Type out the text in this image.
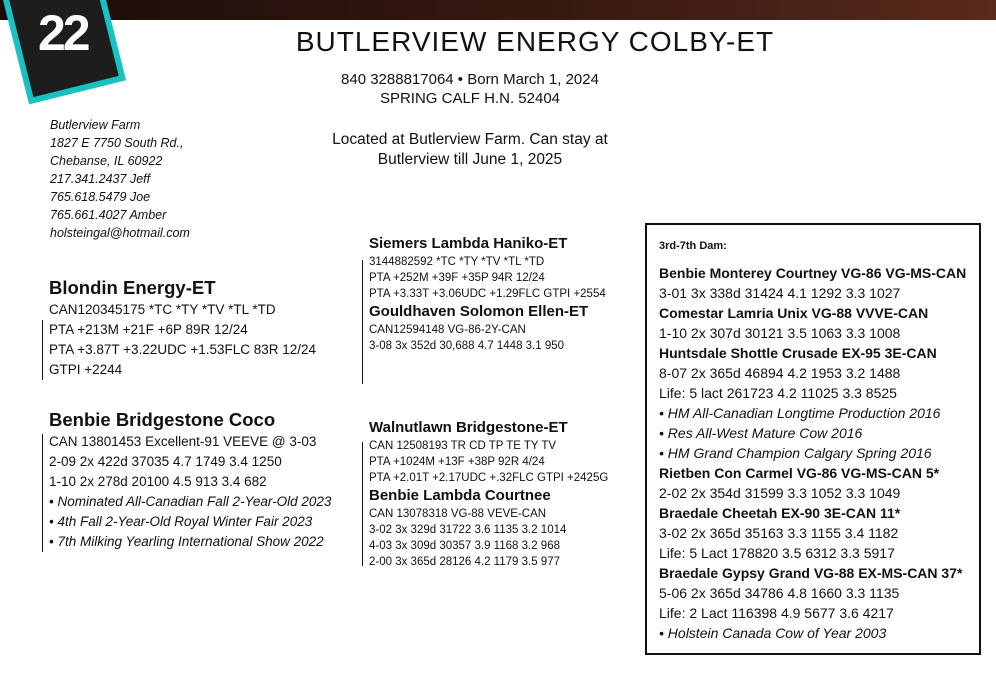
22	BUTLERVIEW ENERGY COLBY-ET
840 3288817064 • Born March 1, 2024
SPRING CALF H.N. 52404
Located at Butlerview Farm. Can stay at
Butlerview till June 1, 2025
Butlerview Farm
1827 E 7750 South Rd.,
Chebanse, IL 60922
217.341.2437 Jeff
765.618.5479 Joe
765.661.4027 Amber
holsteingal@hotmail.com
Blondin Energy-ET
CAN120345175 *TC *TY *TV *TL *TD
PTA +213M +21F +6P 89R 12/24
PTA +3.87T +3.22UDC +1.53FLC 83R 12/24
GTPI +2244
Benbie Bridgestone Coco
CAN 13801453 Excellent-91 VEEVE @ 3-03
2-09 2x 422d 37035 4.7 1749 3.4 1250
1-10 2x 278d 20100 4.5 913 3.4 682
• Nominated All-Canadian Fall 2-Year-Old 2023
• 4th Fall 2-Year-Old Royal Winter Fair 2023
• 7th Milking Yearling International Show 2022
Siemers Lambda Haniko-ET
3144882592 *TC *TY *TV *TL *TD
PTA +252M +39F +35P 94R 12/24
PTA +3.33T +3.06UDC +1.29FLC GTPI +2554
Gouldhaven Solomon Ellen-ET
CAN12594148 VG-86-2Y-CAN
3-08 3x 352d 30,688 4.7 1448 3.1 950
Walnutlawn Bridgestone-ET
CAN 12508193 TR CD TP TE TY TV
PTA +1024M +13F +38P 92R 4/24
PTA +2.01T +2.17UDC +.32FLC GTPI +2425G
Benbie Lambda Courtnee
CAN 13078318 VG-88 VEVE-CAN
3-02 3x 329d 31722 3.6 1135 3.2 1014
4-03 3x 309d 30357 3.9 1168 3.2 968
2-00 3x 365d 28126 4.2 1179 3.5 977
3rd-7th Dam:
Benbie Monterey Courtney VG-86 VG-MS-CAN
3-01 3x 338d 31424 4.1 1292 3.3 1027
Comestar Lamria Unix VG-88 VVVE-CAN
1-10 2x 307d 30121 3.5 1063 3.3 1008
Huntsdale Shottle Crusade EX-95 3E-CAN
8-07 2x 365d 46894 4.2 1953 3.2 1488
Life: 5 lact 261723 4.2 11025 3.3 8525
• HM All-Canadian Longtime Production 2016
• Res All-West Mature Cow 2016
• HM Grand Champion Calgary Spring 2016
Rietben Con Carmel VG-86 VG-MS-CAN 5*
2-02 2x 354d 31599 3.3 1052 3.3 1049
Braedale Cheetah EX-90 3E-CAN 11*
3-02 2x 365d 35163 3.3 1155 3.4 1182
Life: 5 Lact 178820 3.5 6312 3.3 5917
Braedale Gypsy Grand VG-88 EX-MS-CAN 37*
5-06 2x 365d 34786 4.8 1660 3.3 1135
Life: 2 Lact 116398 4.9 5677 3.6 4217
• Holstein Canada Cow of Year 2003
